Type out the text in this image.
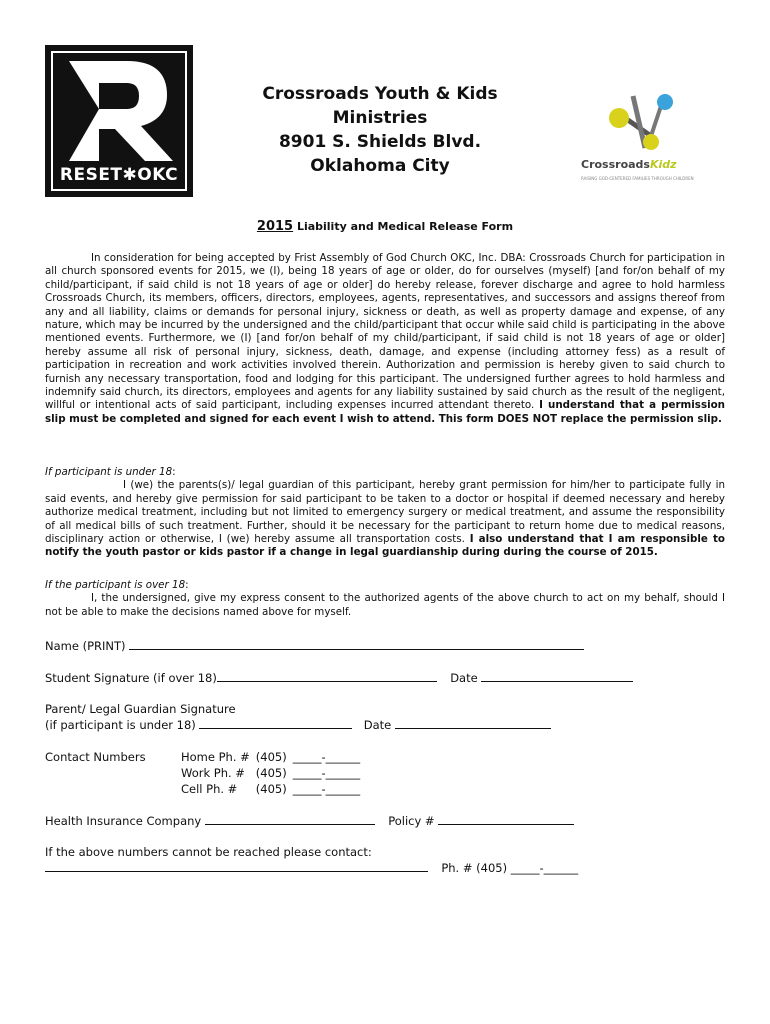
RESET✱OKC
Crossroads Youth & Kids
Ministries
8901 S. Shields Blvd.
Oklahoma City	CrossroadsKidz
RAISING GOD-CENTERED FAMILIES THROUGH CHILDREN
2015 Liability and Medical Release Form
In consideration for being accepted by Frist Assembly of God Church OKC, Inc. DBA: Crossroads Church for participation in all church sponsored events for 2015, we (I), being 18 years of age or older, do for ourselves (myself) [and for/on behalf of my child/participant, if said child is not 18 years of age or older] do hereby release, forever discharge and agree to hold harmless Crossroads Church, its members, officers, directors, employees, agents, representatives, and successors and assigns thereof from any and all liability, claims or demands for personal injury, sickness or death, as well as property damage and expense, of any nature, which may be incurred by the undersigned and the child/participant that occur while said child is participating in the above mentioned events. Furthermore, we (I) [and for/on behalf of my child/participant, if said child is not 18 years of age or older] hereby assume all risk of personal injury, sickness, death, damage, and expense (including attorney fess) as a result of participation in recreation and work activities involved therein. Authorization and permission is hereby given to said church to furnish any necessary transportation, food and lodging for this participant. The undersigned further agrees to hold harmless and indemnify said church, its directors, employees and agents for any liability sustained by said church as the result of the negligent, willful or intentional acts of said participant, including expenses incurred attendant thereto. I understand that a permission slip must be completed and signed for each event I wish to attend. This form DOES NOT replace the permission slip.
If participant is under 18:
I (we) the parents(s)/ legal guardian of this participant, hereby grant permission for him/her to participate fully in said events, and hereby give permission for said participant to be taken to a doctor or hospital if deemed necessary and hereby authorize medical treatment, including but not limited to emergency surgery or medical treatment, and assume the responsibility of all medical bills of such treatment. Further, should it be necessary for the participant to return home due to medical reasons, disciplinary action or otherwise, I (we) hereby assume all transportation costs. I also understand that I am responsible to notify the youth pastor or kids pastor if a change in legal guardianship during during the course of 2015.
If the participant is over 18:
I, the undersigned, give my express consent to the authorized agents of the above church to act on my behalf, should I not be able to make the decisions named above for myself.
Name (PRINT)
Student Signature (if over 18)	Date
Parent/ Legal Guardian Signature
(if participant is under 18)	Date
Contact Numbers	Home Ph. #	(405)	_____-______
	Work Ph. #	(405)	_____-______
	Cell Ph. #	(405)	_____-______
Health Insurance Company	Policy #
If the above numbers cannot be reached please contact:
Ph. # (405) _____-______
